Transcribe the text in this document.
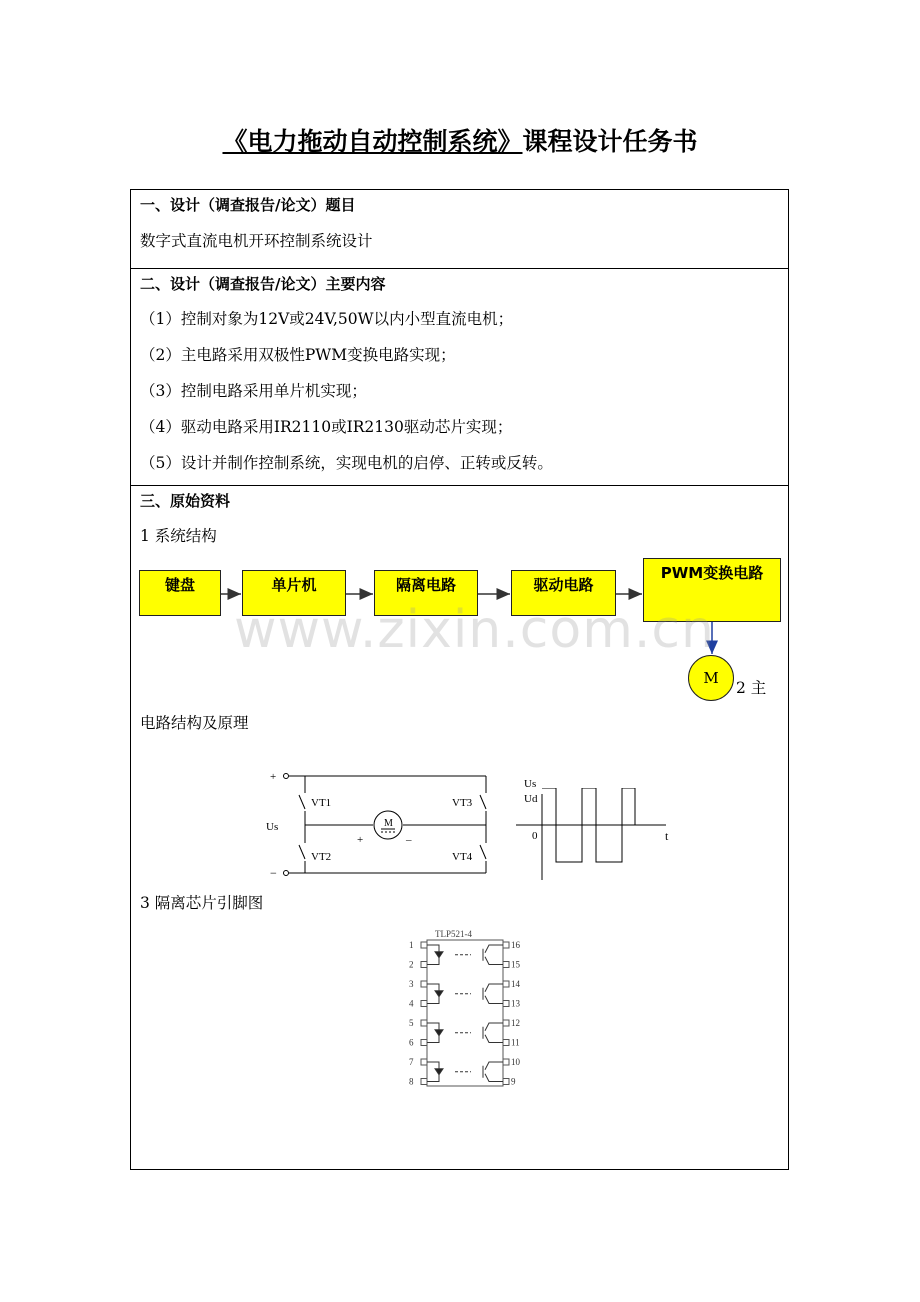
《电力拖动自动控制系统》课程设计任务书
一、设计（调查报告/论文）题目
数字式直流电机开环控制系统设计
二、设计（调查报告/论文）主要内容
（1）控制对象为12V或24V,50W以内小型直流电机；
（2）主电路采用双极性PWM变换电路实现；
（3）控制电路采用单片机实现；
（4）驱动电路采用IR2110或IR2130驱动芯片实现；
（5）设计并制作控制系统，实现电机的启停、正转或反转。
三、原始资料
1 系统结构
键盘	单片机	隔离电路	驱动电路
PWM变换电路
M
www.zixin.com.cn
2 主
电路结构及原理
+
−
Us
VT1
VT2
VT3
VT4
M
+	_
Ud
0	t
Us
3 隔离芯片引脚图
TLP521-4
1	16
2	15
3	14
4	13
5	12
6	11
7	10
8	9
